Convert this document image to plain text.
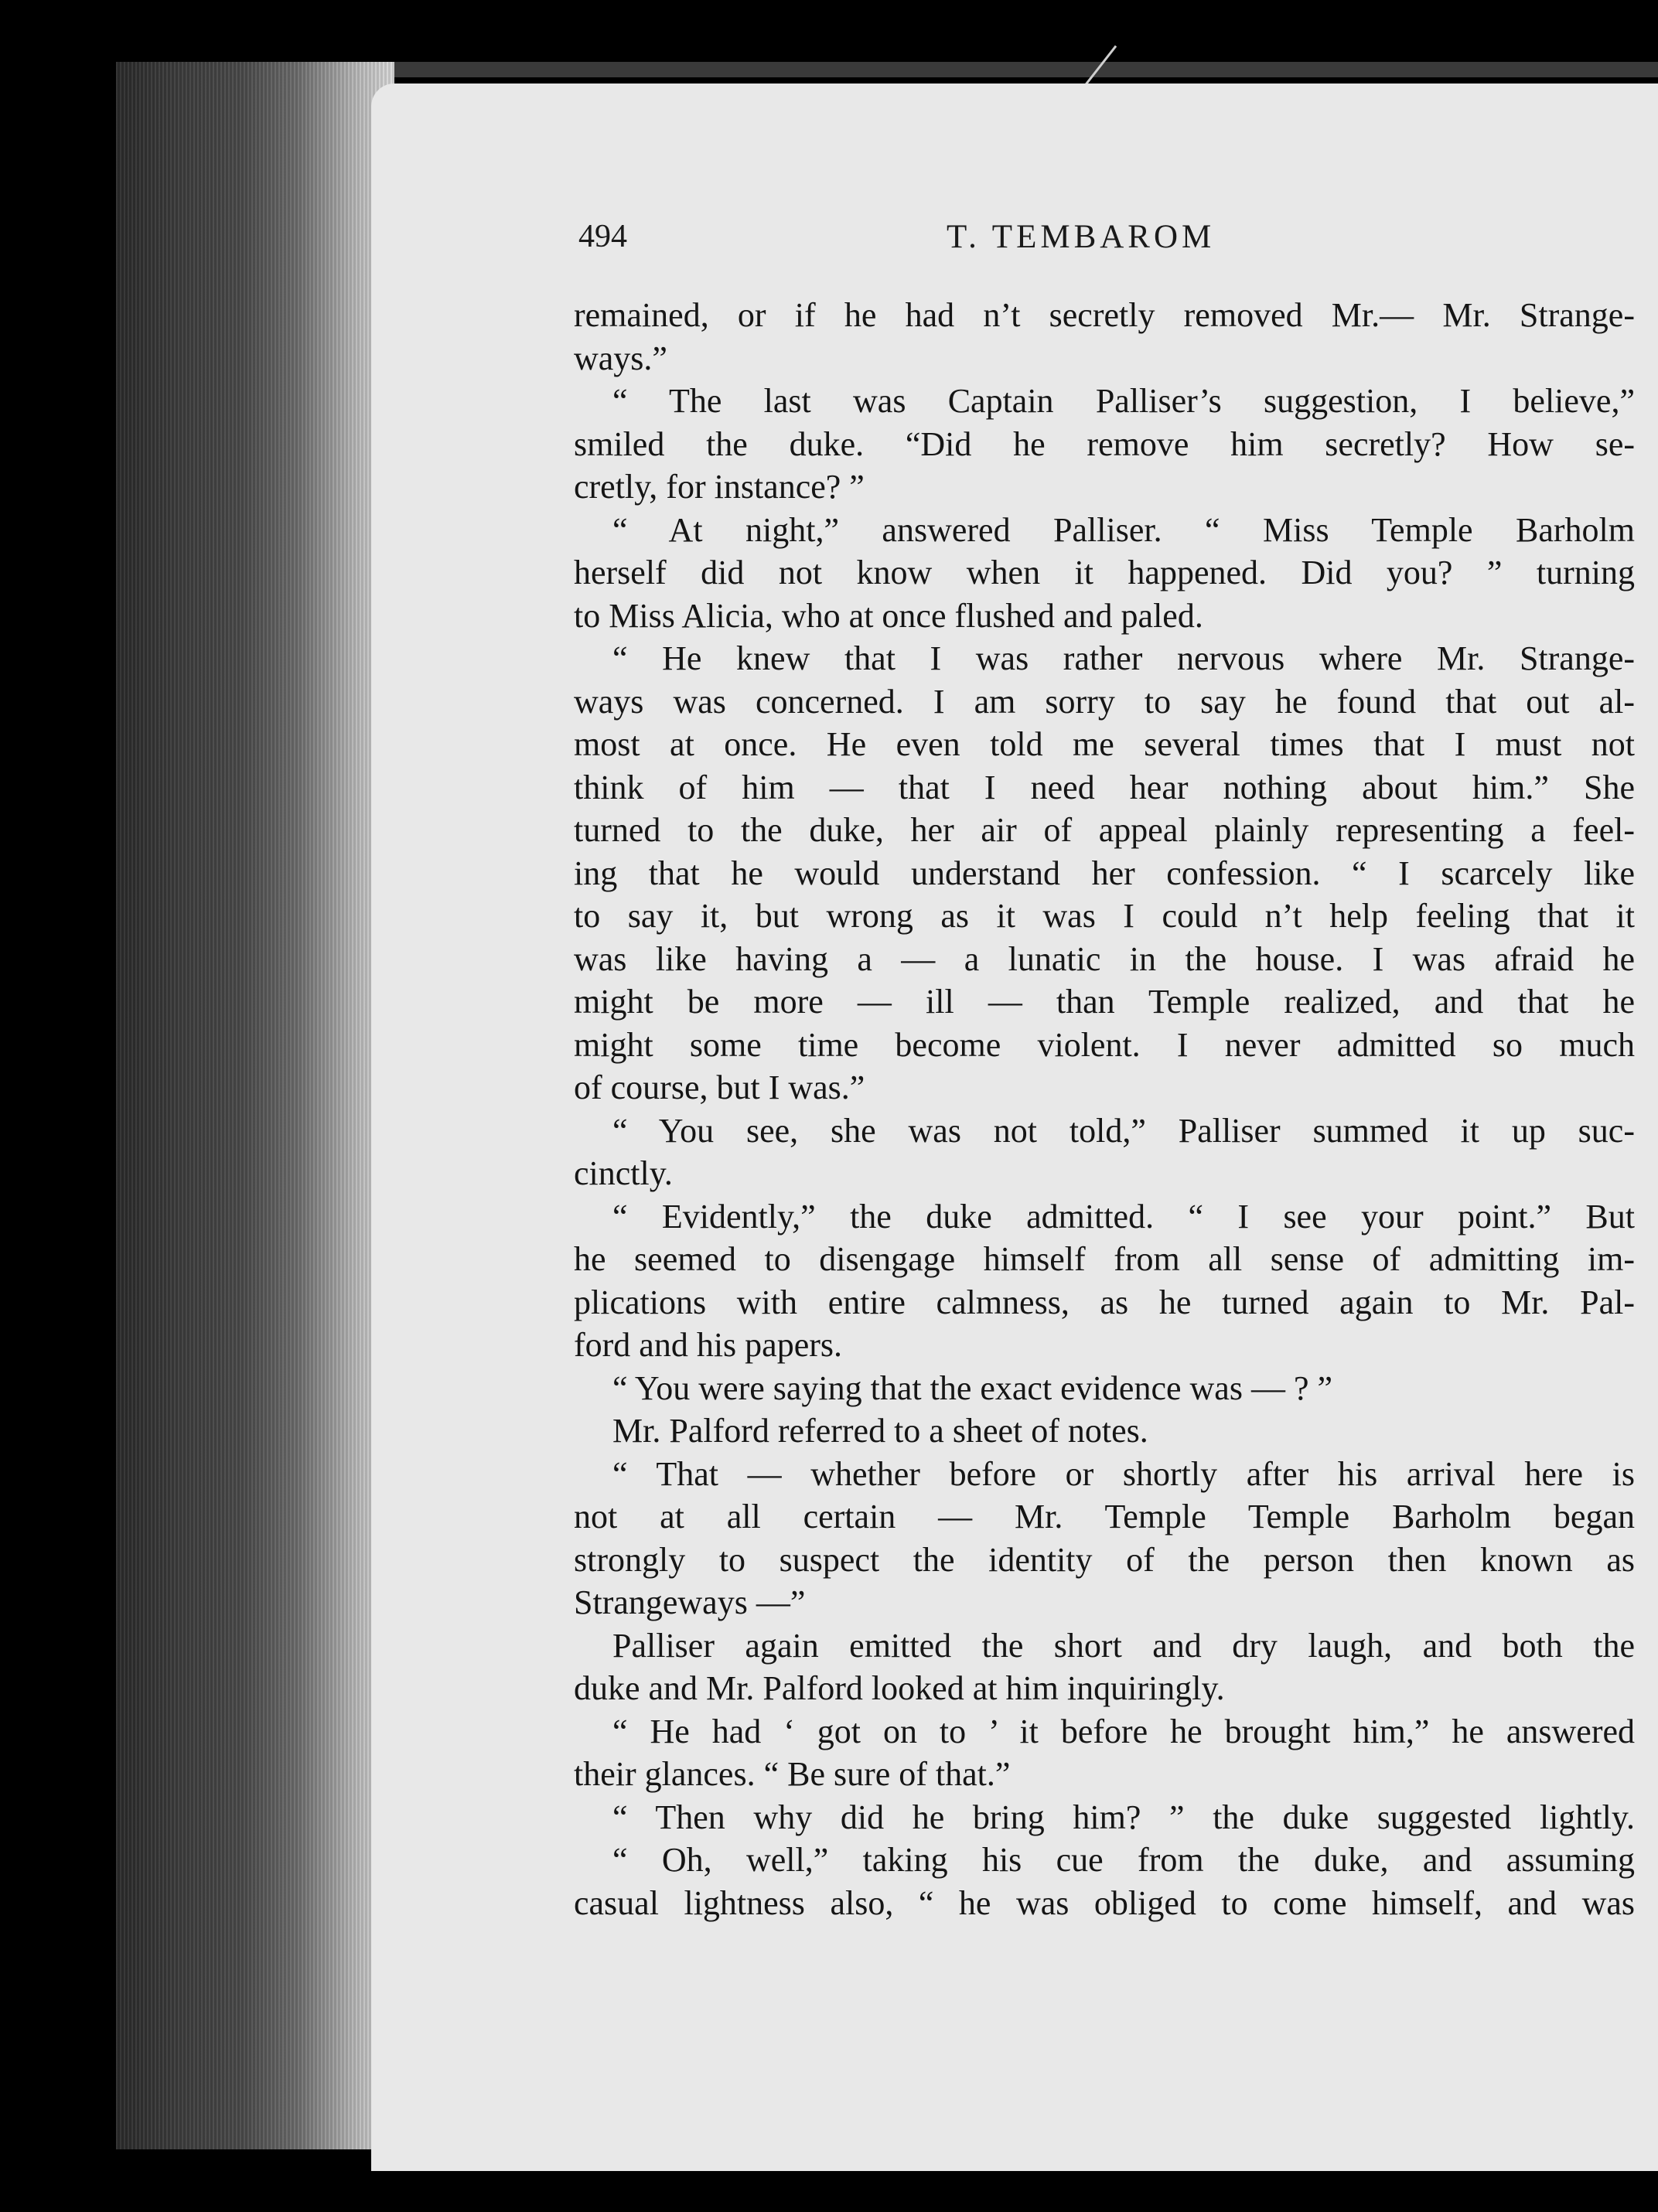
494	T. TEMBAROM
remained, or if he had n’t secretly removed Mr.— Mr. Strange-
ways.”
“ The last was Captain Palliser’s suggestion, I believe,”
smiled the duke. “Did he remove him secretly? How se-
cretly, for instance? ”
“ At night,” answered Palliser. “ Miss Temple Barholm
herself did not know when it happened. Did you? ” turning
to Miss Alicia, who at once flushed and paled.
“ He knew that I was rather nervous where Mr. Strange-
ways was concerned. I am sorry to say he found that out al-
most at once. He even told me several times that I must not
think of him — that I need hear nothing about him.” She
turned to the duke, her air of appeal plainly representing a feel-
ing that he would understand her confession. “ I scarcely like
to say it, but wrong as it was I could n’t help feeling that it
was like having a — a lunatic in the house. I was afraid he
might be more — ill — than Temple realized, and that he
might some time become violent. I never admitted so much
of course, but I was.”
“ You see, she was not told,” Palliser summed it up suc-
cinctly.
“ Evidently,” the duke admitted. “ I see your point.” But
he seemed to disengage himself from all sense of admitting im-
plications with entire calmness, as he turned again to Mr. Pal-
ford and his papers.
“ You were saying that the exact evidence was — ? ”
Mr. Palford referred to a sheet of notes.
“ That — whether before or shortly after his arrival here is
not at all certain — Mr. Temple Temple Barholm began
strongly to suspect the identity of the person then known as
Strangeways —”
Palliser again emitted the short and dry laugh, and both the
duke and Mr. Palford looked at him inquiringly.
“ He had ‘ got on to ’ it before he brought him,” he answered
their glances. “ Be sure of that.”
“ Then why did he bring him? ” the duke suggested lightly.
“ Oh, well,” taking his cue from the duke, and assuming
casual lightness also, “ he was obliged to come himself, and was
